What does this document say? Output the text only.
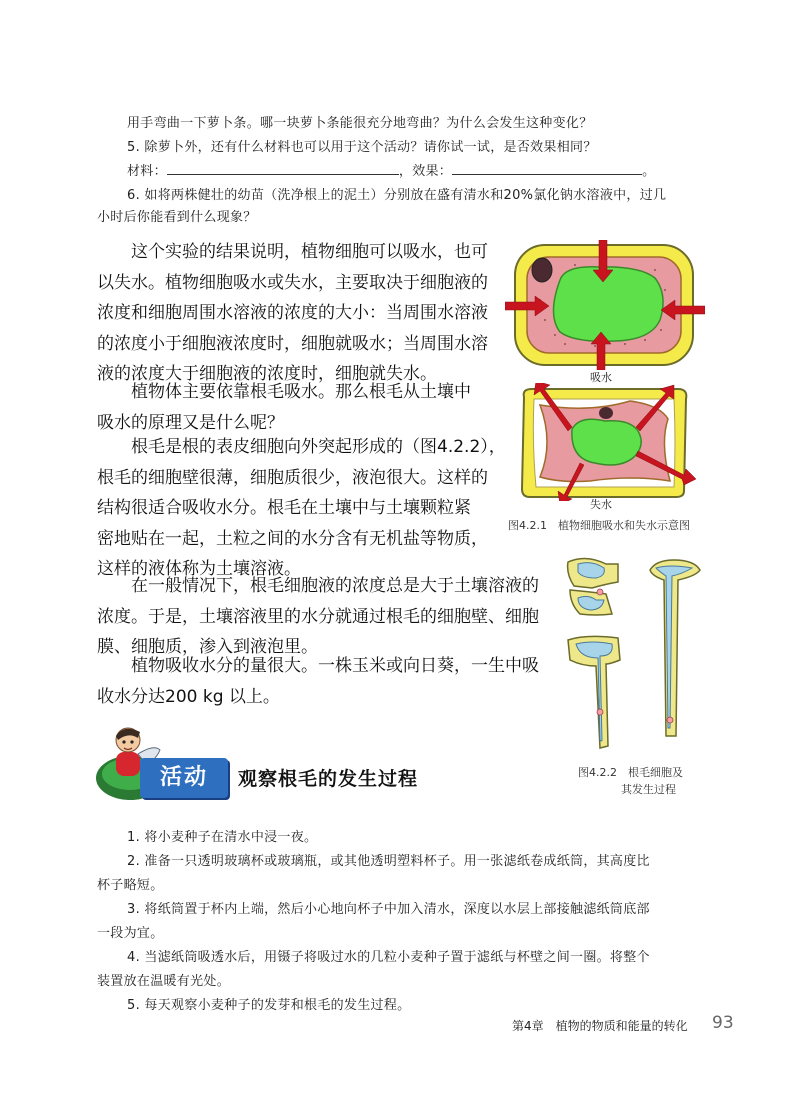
用手弯曲一下萝卜条。哪一块萝卜条能很充分地弯曲？为什么会发生这种变化？
5. 除萝卜外，还有什么材料也可以用于这个活动？请你试一试，是否效果相同？
材料：	，效果：	。
6. 如将两株健壮的幼苗（洗净根上的泥土）分别放在盛有清水和20%氯化钠水溶液中，过几
小时后你能看到什么现象？
这个实验的结果说明，植物细胞可以吸水，也可
以失水。植物细胞吸水或失水，主要取决于细胞液的
浓度和细胞周围水溶液的浓度的大小：当周围水溶液
的浓度小于细胞液浓度时，细胞就吸水；当周围水溶
液的浓度大于细胞液的浓度时，细胞就失水。
植物体主要依靠根毛吸水。那么根毛从土壤中
吸水的原理又是什么呢？
根毛是根的表皮细胞向外突起形成的（图4.2.2），
根毛的细胞壁很薄，细胞质很少，液泡很大。这样的
结构很适合吸收水分。根毛在土壤中与土壤颗粒紧
密地贴在一起，土粒之间的水分含有无机盐等物质，
这样的液体称为土壤溶液。
在一般情况下，根毛细胞液的浓度总是大于土壤溶液的
浓度。于是，土壤溶液里的水分就通过根毛的细胞壁、细胞
膜、细胞质，渗入到液泡里。
植物吸收水分的量很大。一株玉米或向日葵，一生中吸
收水分达200 kg 以上。
吸水
失水
图4.2.1　植物细胞吸水和失水示意图
图4.2.2　根毛细胞及
其发生过程
活动	观察根毛的发生过程
1. 将小麦种子在清水中浸一夜。
2. 准备一只透明玻璃杯或玻璃瓶，或其他透明塑料杯子。用一张滤纸卷成纸筒，其高度比
杯子略短。
3. 将纸筒置于杯内上端，然后小心地向杯子中加入清水，深度以水层上部接触滤纸筒底部
一段为宜。
4. 当滤纸筒吸透水后，用镊子将吸过水的几粒小麦种子置于滤纸与杯壁之间一圈。将整个
装置放在温暖有光处。
5. 每天观察小麦种子的发芽和根毛的发生过程。
第4章　植物的物质和能量的转化 93
